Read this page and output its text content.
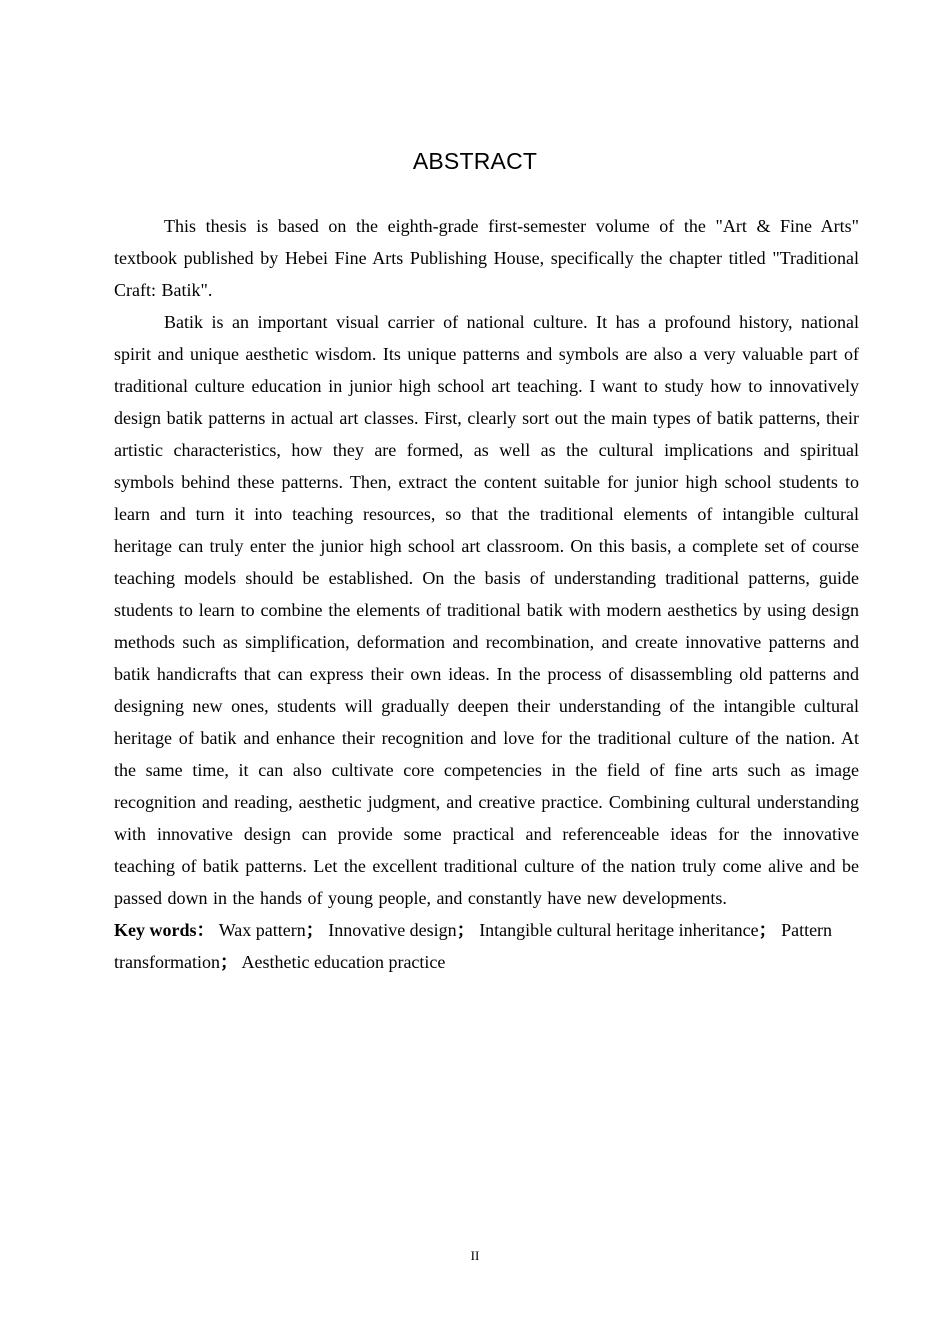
ABSTRACT

This thesis is based on the eighth-grade first-semester volume of the "Art & Fine Arts" textbook published by Hebei Fine Arts Publishing House, specifically the chapter titled "Traditional Craft: Batik".

Batik is an important visual carrier of national culture. It has a profound history, national spirit and unique aesthetic wisdom. Its unique patterns and symbols are also a very valuable part of traditional culture education in junior high school art teaching. I want to study how to innovatively design batik patterns in actual art classes. First, clearly sort out the main types of batik patterns, their artistic characteristics, how they are formed, as well as the cultural implications and spiritual symbols behind these patterns. Then, extract the content suitable for junior high school students to learn and turn it into teaching resources, so that the traditional elements of intangible cultural heritage can truly enter the junior high school art classroom. On this basis, a complete set of course teaching models should be established. On the basis of understanding traditional patterns, guide students to learn to combine the elements of traditional batik with modern aesthetics by using design methods such as simplification, deformation and recombination, and create innovative patterns and batik handicrafts that can express their own ideas. In the process of disassembling old patterns and designing new ones, students will gradually deepen their understanding of the intangible cultural heritage of batik and enhance their recognition and love for the traditional culture of the nation. At the same time, it can also cultivate core competencies in the field of fine arts such as image recognition and reading, aesthetic judgment, and creative practice. Combining cultural understanding with innovative design can provide some practical and referenceable ideas for the innovative teaching of batik patterns. Let the excellent traditional culture of the nation truly come alive and be passed down in the hands of young people, and constantly have new developments.

Key words： Wax pattern； Innovative design； Intangible cultural heritage inheritance； Pattern transformation； Aesthetic education practice

II
